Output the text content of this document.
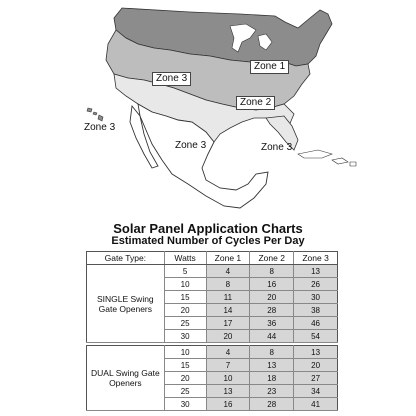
Zone 1
Zone 2
Zone 3
Zone 3
Zone 3	Zone 3
Solar Panel Application Charts
Estimated Number of Cycles Per Day
Gate Type:	Watts	Zone 1	Zone 2	Zone 3
SINGLE Swing Gate Openers	5	4	8	13
	10	8	16	26
	15	11	20	30
	20	14	28	38
	25	17	36	46
	30	20	44	54
DUAL Swing Gate Openers	10	4	8	13
	15	7	13	20
	20	10	18	27
	25	13	23	34
	30	16	28	41
